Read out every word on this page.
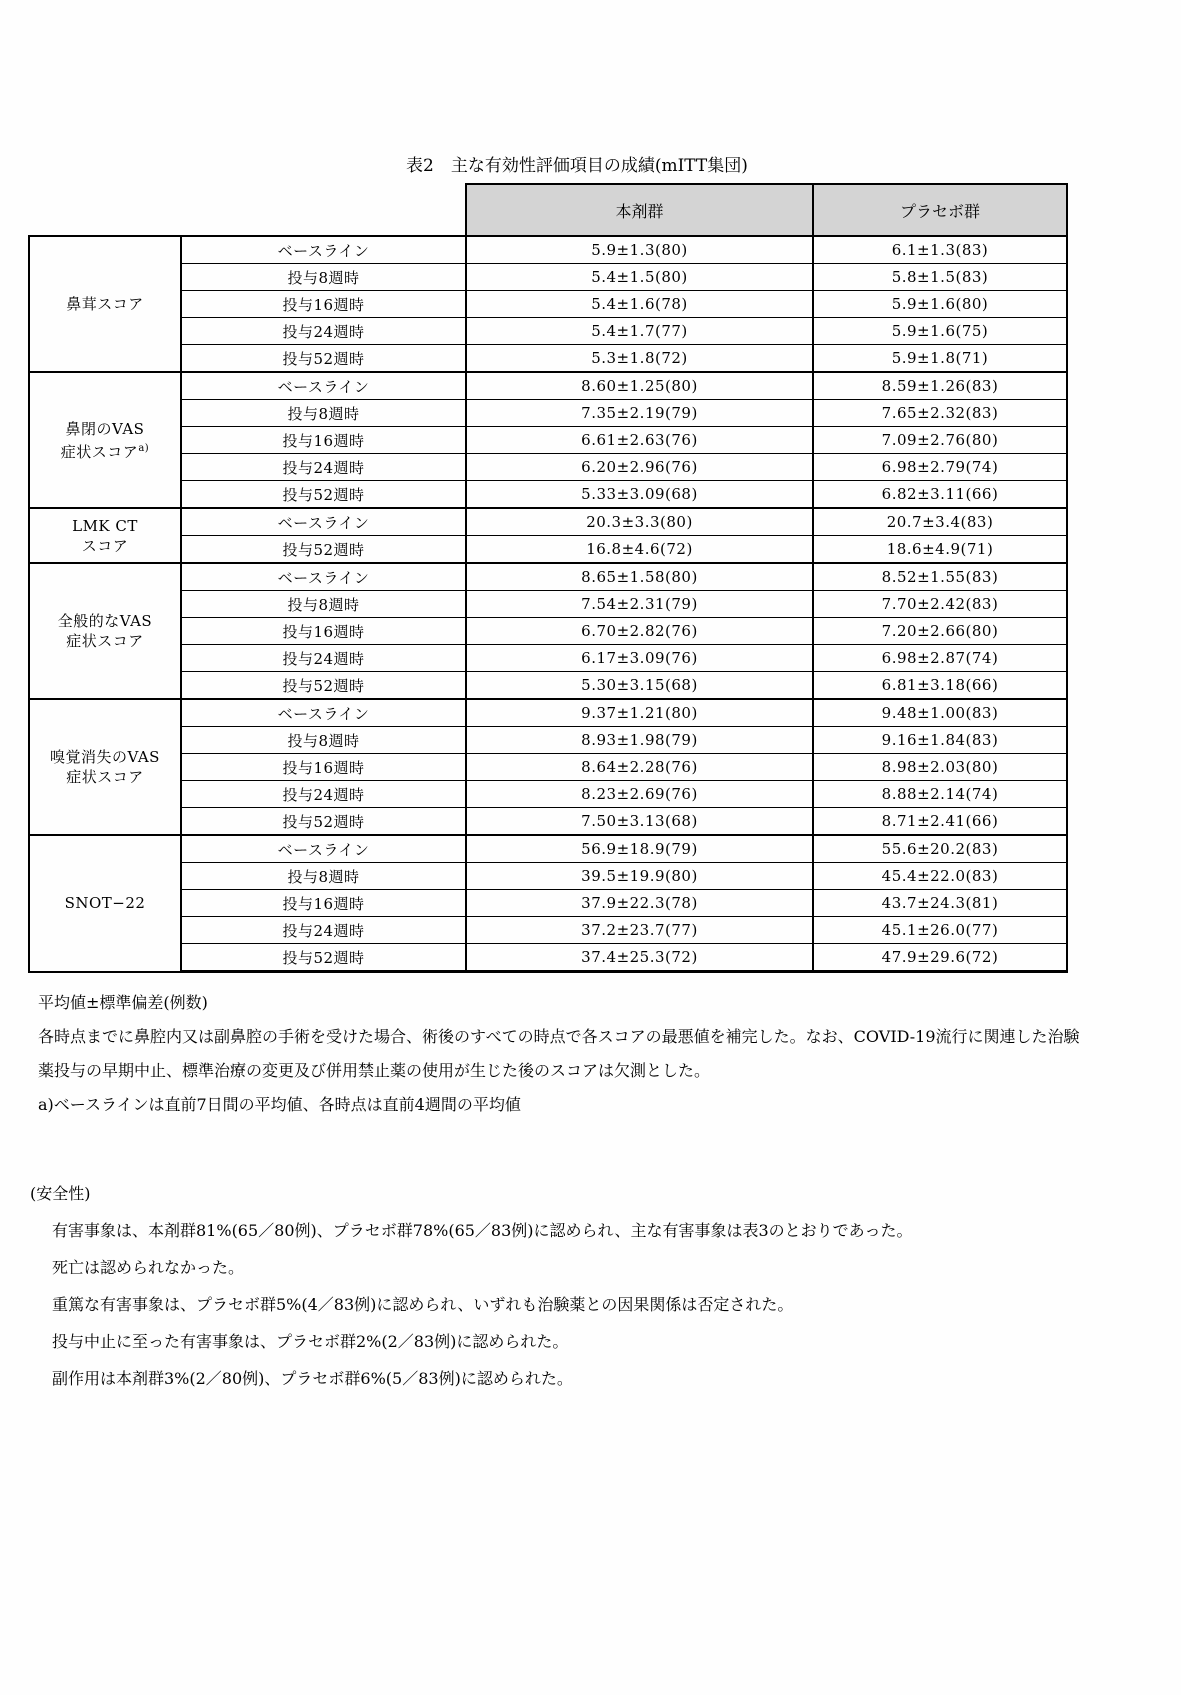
表2　主な有効性評価項目の成績(mITT集団)
		本剤群	プラセボ群
鼻茸スコア	ベースライン	5.9±1.3(80)	6.1±1.3(83)
	投与8週時	5.4±1.5(80)	5.8±1.5(83)
	投与16週時	5.4±1.6(78)	5.9±1.6(80)
	投与24週時	5.4±1.7(77)	5.9±1.6(75)
	投与52週時	5.3±1.8(72)	5.9±1.8(71)
鼻閉のVAS
症状スコア$^{a)}$	ベースライン	8.60±1.25(80)	8.59±1.26(83)
	投与8週時	7.35±2.19(79)	7.65±2.32(83)
	投与16週時	6.61±2.63(76)	7.09±2.76(80)
	投与24週時	6.20±2.96(76)	6.98±2.79(74)
	投与52週時	5.33±3.09(68)	6.82±3.11(66)
LMK CT
スコア	ベースライン	20.3±3.3(80)	20.7±3.4(83)
	投与52週時	16.8±4.6(72)	18.6±4.9(71)
全般的なVAS
症状スコア	ベースライン	8.65±1.58(80)	8.52±1.55(83)
	投与8週時	7.54±2.31(79)	7.70±2.42(83)
	投与16週時	6.70±2.82(76)	7.20±2.66(80)
	投与24週時	6.17±3.09(76)	6.98±2.87(74)
	投与52週時	5.30±3.15(68)	6.81±3.18(66)
嗅覚消失のVAS
症状スコア	ベースライン	9.37±1.21(80)	9.48±1.00(83)
	投与8週時	8.93±1.98(79)	9.16±1.84(83)
	投与16週時	8.64±2.28(76)	8.98±2.03(80)
	投与24週時	8.23±2.69(76)	8.88±2.14(74)
	投与52週時	7.50±3.13(68)	8.71±2.41(66)
SNOT−22	ベースライン	56.9±18.9(79)	55.6±20.2(83)
	投与8週時	39.5±19.9(80)	45.4±22.0(83)
	投与16週時	37.9±22.3(78)	43.7±24.3(81)
	投与24週時	37.2±23.7(77)	45.1±26.0(77)
	投与52週時	37.4±25.3(72)	47.9±29.6(72)

平均値±標準偏差(例数)

各時点までに鼻腔内又は副鼻腔の手術を受けた場合、術後のすべての時点で各スコアの最悪値を補完した。なお、COVID-19流行に関連した治験薬投与の早期中止、標準治療の変更及び併用禁止薬の使用が生じた後のスコアは欠測とした。

a)ベースラインは直前7日間の平均値、各時点は直前4週間の平均値

(安全性)

有害事象は、本剤群81%(65／80例)、プラセボ群78%(65／83例)に認められ、主な有害事象は表3のとおりであった。

死亡は認められなかった。

重篤な有害事象は、プラセボ群5%(4／83例)に認められ、いずれも治験薬との因果関係は否定された。

投与中止に至った有害事象は、プラセボ群2%(2／83例)に認められた。

副作用は本剤群3%(2／80例)、プラセボ群6%(5／83例)に認められた。
